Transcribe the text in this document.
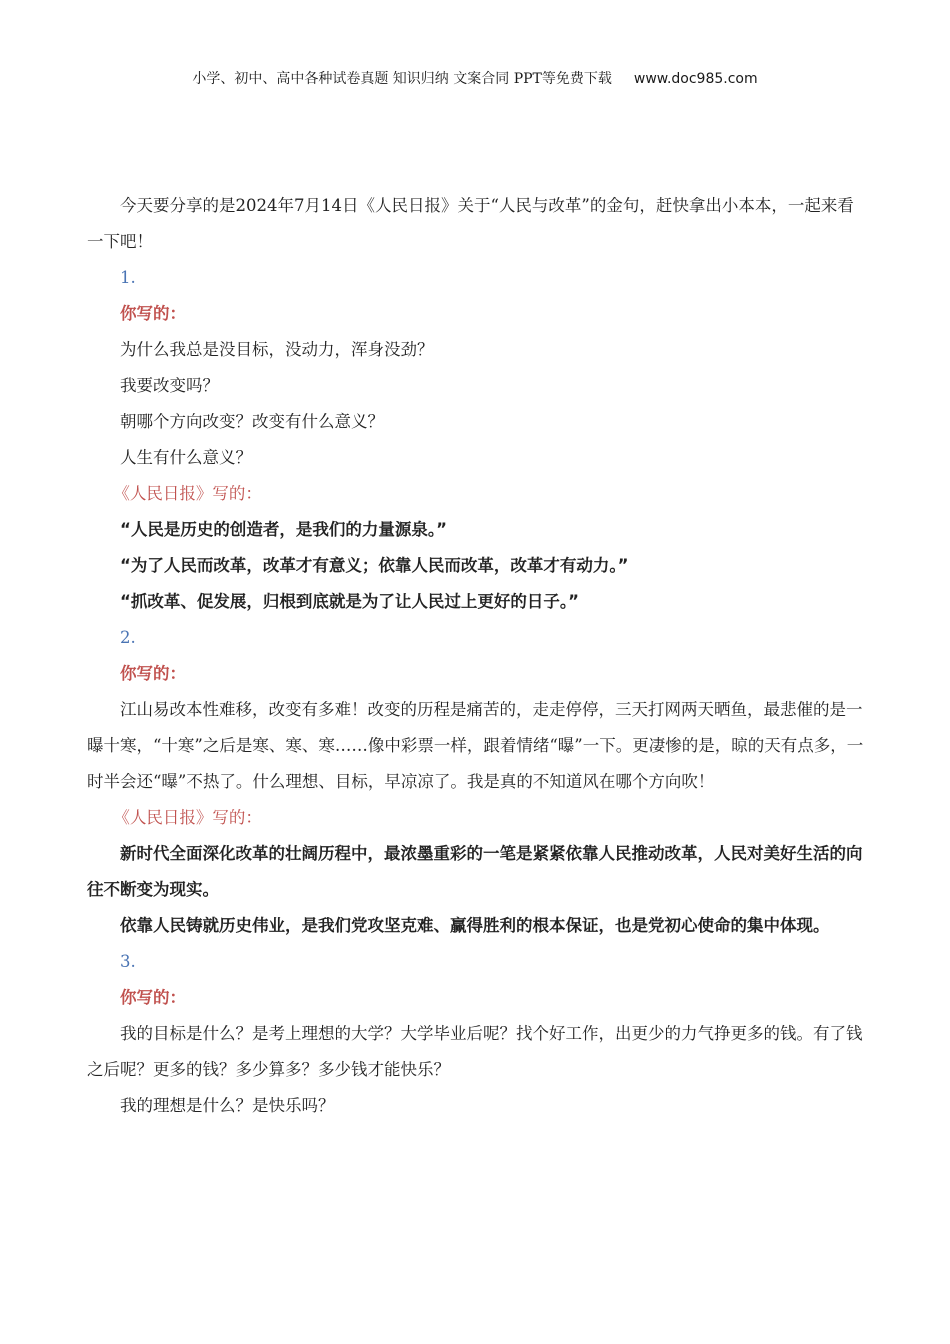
小学、初中、高中各种试卷真题 知识归纳 文案合同 PPT等免费下载 www.doc985.com

今天要分享的是2024年7月14日《人民日报》关于“人民与改革”的金句，赶快拿出小本本，一起来看一下吧！

1.

你写的：

为什么我总是没目标，没动力，浑身没劲？

我要改变吗？

朝哪个方向改变？改变有什么意义？

人生有什么意义？

《人民日报》写的：

“人民是历史的创造者，是我们的力量源泉。”

“为了人民而改革，改革才有意义；依靠人民而改革，改革才有动力。”

“抓改革、促发展，归根到底就是为了让人民过上更好的日子。”

2.

你写的：

江山易改本性难移，改变有多难！改变的历程是痛苦的，走走停停，三天打网两天晒鱼，最悲催的是一曝十寒，“十寒”之后是寒、寒、寒……像中彩票一样，跟着情绪“曝”一下。更凄惨的是，晾的天有点多，一时半会还“曝”不热了。什么理想、目标，早凉凉了。我是真的不知道风在哪个方向吹！

《人民日报》写的：

新时代全面深化改革的壮阔历程中，最浓墨重彩的一笔是紧紧依靠人民推动改革，人民对美好生活的向往不断变为现实。

依靠人民铸就历史伟业，是我们党攻坚克难、赢得胜利的根本保证，也是党初心使命的集中体现。

3.

你写的：

我的目标是什么？是考上理想的大学？大学毕业后呢？找个好工作，出更少的力气挣更多的钱。有了钱之后呢？更多的钱？多少算多？多少钱才能快乐？

我的理想是什么？是快乐吗？
